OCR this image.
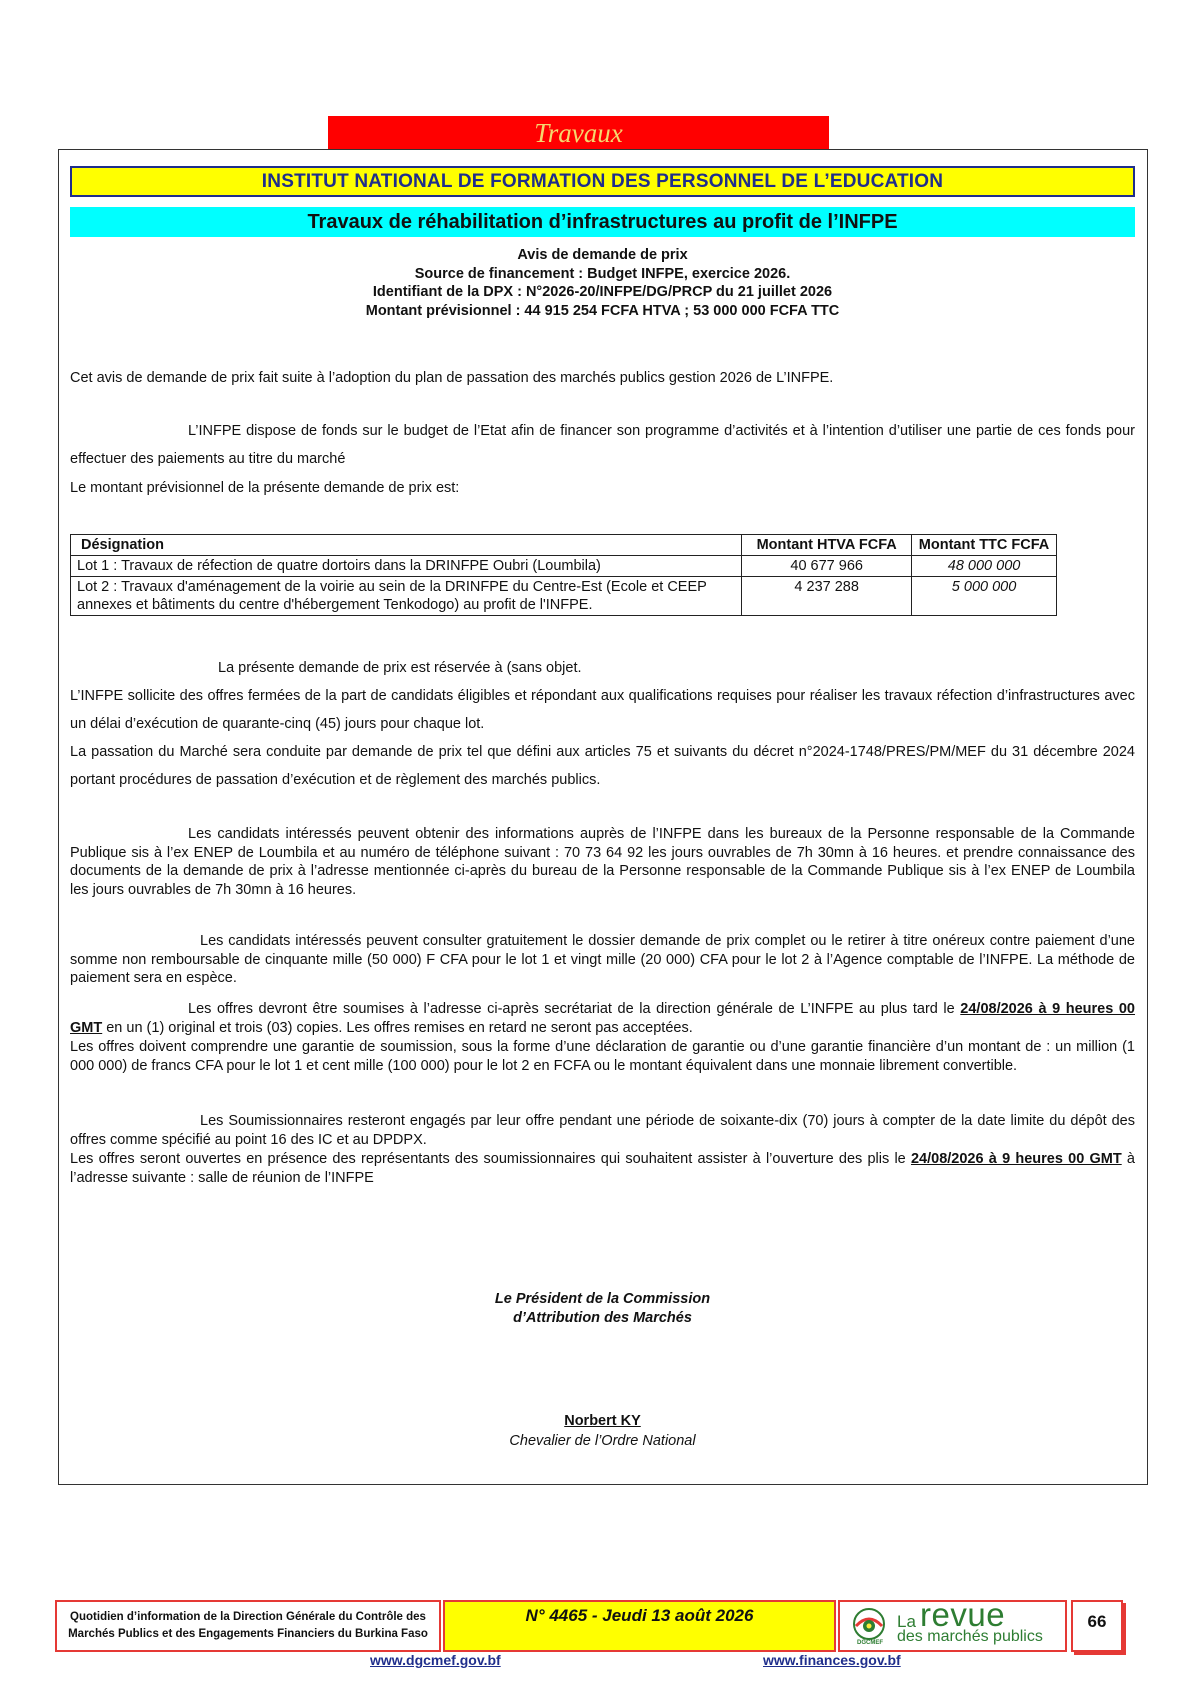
Travaux
INSTITUT NATIONAL DE FORMATION DES PERSONNEL DE L’EDUCATION
Travaux de réhabilitation d’infrastructures au profit de l’INFPE
Avis de demande de prix
Source de financement : Budget INFPE, exercice 2026.
Identifiant de la DPX : N°2026-20/INFPE/DG/PRCP du 21 juillet 2026
Montant prévisionnel : 44 915 254 FCFA HTVA ; 53 000 000 FCFA TTC

Cet avis de demande de prix fait suite à l’adoption du plan de passation des marchés publics gestion 2026 de L’INFPE.

L’INFPE dispose de fonds sur le budget de l’Etat afin de financer son programme d’activités et à l’intention d’utiliser une partie de ces fonds pour effectuer des paiements au titre du marché

Le montant prévisionnel de la présente demande de prix est:

Désignation	Montant HTVA FCFA	Montant TTC FCFA
Lot 1 : Travaux de réfection de quatre dortoirs dans la DRINFPE Oubri (Loumbila)	40 677 966	48 000 000
Lot 2 : Travaux d'aménagement de la voirie au sein de la DRINFPE du Centre-Est (Ecole et CEEP annexes et bâtiments du centre d'hébergement Tenkodogo) au profit de l'INFPE.	4 237 288	5 000 000

La présente demande de prix est réservée à (sans objet.

L’INFPE sollicite des offres fermées de la part de candidats éligibles et répondant aux qualifications requises pour réaliser les travaux réfection d’infrastructures avec un délai d’exécution de quarante-cinq (45) jours pour chaque lot.

La passation du Marché sera conduite par demande de prix tel que défini aux articles 75 et suivants du décret n°2024-1748/PRES/PM/MEF du 31 décembre 2024 portant procédures de passation d’exécution et de règlement des marchés publics.

Les candidats intéressés peuvent obtenir des informations auprès de l’INFPE dans les bureaux de la Personne responsable de la Commande Publique sis à l’ex ENEP de Loumbila et au numéro de téléphone suivant : 70 73 64 92 les jours ouvrables de 7h 30mn à 16 heures. et prendre connaissance des documents de la demande de prix à l’adresse mentionnée ci-après du bureau de la Personne responsable de la Commande Publique sis à l’ex ENEP de Loumbila les jours ouvrables de 7h 30mn à 16 heures.

Les candidats intéressés peuvent consulter gratuitement le dossier demande de prix complet ou le retirer à titre onéreux contre paiement d’une somme non remboursable de cinquante mille (50 000) F CFA pour le lot 1 et vingt mille (20 000) CFA pour le lot 2 à l’Agence comptable de l’INFPE. La méthode de paiement sera en espèce.

Les offres devront être soumises à l’adresse ci-après secrétariat de la direction générale de L’INFPE au plus tard le 24/08/2026 à 9 heures 00 GMT en un (1) original et trois (03) copies. Les offres remises en retard ne seront pas acceptées.

Les offres doivent comprendre une garantie de soumission, sous la forme d’une déclaration de garantie ou d’une garantie financière d’un montant de : un million (1 000 000) de francs CFA pour le lot 1 et cent mille (100 000) pour le lot 2 en FCFA ou le montant équivalent dans une monnaie librement convertible.

Les Soumissionnaires resteront engagés par leur offre pendant une période de soixante-dix (70) jours à compter de la date limite du dépôt des offres comme spécifié au point 16 des IC et au DPDPX.

Les offres seront ouvertes en présence des représentants des soumissionnaires qui souhaitent assister à l’ouverture des plis le 24/08/2026 à 9 heures 00 GMT à l’adresse suivante : salle de réunion de l’INFPE

Le Président de la Commission
d’Attribution des Marchés
Norbert KY
Chevalier de l’Ordre National
Quotidien d’information de la Direction Générale du Contrôle des
Marchés Publics et des Engagements Financiers du Burkina Faso
N° 4465 - Jeudi 13 août 2026
DGCMEF
La revue
des marchés publics
66
www.dgcmef.gov.bf	www.finances.gov.bf
